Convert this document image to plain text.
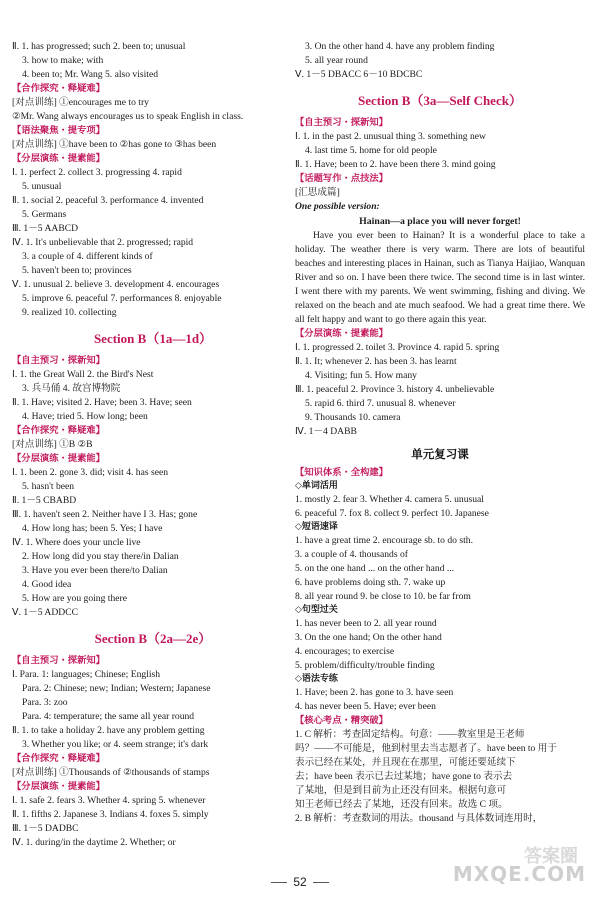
Ⅱ. 1. has progressed; such 2. been to; unusual
3. how to make; with
4. been to; Mr. Wang 5. also visited
【合作探究・释疑难】
[对点训练] ①encourages me to try
②Mr. Wang always encourages us to speak English in class.
【语法聚焦・提专项】
[对点训练] ①have been to ②has gone to ③has been
【分层演练・提素能】
Ⅰ. 1. perfect 2. collect 3. progressing 4. rapid
5. unusual
Ⅱ. 1. social 2. peaceful 3. performance 4. invented
5. Germans
Ⅲ. 1－5 AABCD
Ⅳ. 1. It's unbelievable that 2. progressed; rapid
3. a couple of 4. different kinds of
5. haven't been to; provinces
Ⅴ. 1. unusual 2. believe 3. development 4. encourages
5. improve 6. peaceful 7. performances 8. enjoyable
9. realized 10. collecting
Section B（1a—1d）
【自主预习・探新知】
Ⅰ. 1. the Great Wall 2. the Bird's Nest
3. 兵马俑 4. 故宫博物院
Ⅱ. 1. Have; visited 2. Have; been 3. Have; seen
4. Have; tried 5. How long; been
【合作探究・释疑难】
[对点训练] ①B ②B
【分层演练・提素能】
Ⅰ. 1. been 2. gone 3. did; visit 4. has seen
5. hasn't been
Ⅱ. 1－5 CBABD
Ⅲ. 1. haven't seen 2. Neither have I 3. Has; gone
4. How long has; been 5. Yes; I have
Ⅳ. 1. Where does your uncle live
2. How long did you stay there/in Dalian
3. Have you ever been there/to Dalian
4. Good idea
5. How are you going there
Ⅴ. 1－5 ADDCC
Section B（2a—2e）
【自主预习・探新知】
Ⅰ. Para. 1: languages; Chinese; English
Para. 2: Chinese; new; Indian; Western; Japanese
Para. 3: zoo
Para. 4: temperature; the same all year round
Ⅱ. 1. to take a holiday 2. have any problem getting
3. Whether you like; or 4. seem strange; it's dark
【合作探究・释疑难】
[对点训练] ①Thousands of ②thousands of stamps
【分层演练・提素能】
Ⅰ. 1. safe 2. fears 3. Whether 4. spring 5. whenever
Ⅱ. 1. fifths 2. Japanese 3. Indians 4. foxes 5. simply
Ⅲ. 1－5 DADBC
Ⅳ. 1. during/in the daytime 2. Whether; or
3. On the other hand 4. have any problem finding
5. all year round
Ⅴ. 1－5 DBACC 6－10 BDCBC
Section B（3a—Self Check）
【自主预习・探新知】
Ⅰ. 1. in the past 2. unusual thing 3. something new
4. last time 5. home for old people
Ⅱ. 1. Have; been to 2. have been there 3. mind going
【话题写作・点技法】
[汇思成篇]
One possible version:
Hainan—a place you will never forget!
Have you ever been to Hainan? It is a wonderful place to take a holiday. The weather there is very warm. There are lots of beautiful beaches and interesting places in Hainan, such as Tianya Haijiao, Wanquan River and so on. I have been there twice. The second time is in last winter. I went there with my parents. We went swimming, fishing and diving. We relaxed on the beach and ate much seafood. We had a great time there. We all felt happy and want to go there again this year.
【分层演练・提素能】
Ⅰ. 1. progressed 2. toilet 3. Province 4. rapid 5. spring
Ⅱ. 1. It; whenever 2. has been 3. has learnt
4. Visiting; fun 5. How many
Ⅲ. 1. peaceful 2. Province 3. history 4. unbelievable
5. rapid 6. third 7. unusual 8. whenever
9. Thousands 10. camera
Ⅳ. 1－4 DABB
单元复习课
【知识体系・全构建】
◇单词活用
1. mostly 2. fear 3. Whether 4. camera 5. unusual
6. peaceful 7. fox 8. collect 9. perfect 10. Japanese
◇短语速译
1. have a great time 2. encourage sb. to do sth.
3. a couple of 4. thousands of
5. on the one hand ... on the other hand ...
6. have problems doing sth. 7. wake up
8. all year round 9. be close to 10. be far from
◇句型过关
1. has never been to 2. all year round
3. On the one hand; On the other hand
4. encourages; to exercise
5. problem/difficulty/trouble finding
◇语法专练
1. Have; been 2. has gone to 3. have seen
4. has never been 5. Have; ever been
【核心考点・精突破】
1. C 解析：考查固定结构。句意：——教室里是王老师
吗？——不可能是，他到村里去当志愿者了。have been to 用于
表示已经在某处，并且现在在那里，可能还要延续下
去；have been 表示已去过某地；have gone to 表示去
了某地，但是到目前为止还没有回来。根据句意可
知王老师已经去了某地，还没有回来。故选 C 项。
2. B 解析：考查数词的用法。thousand 与具体数词连用时，
52
答案圈
MXQE.COM
